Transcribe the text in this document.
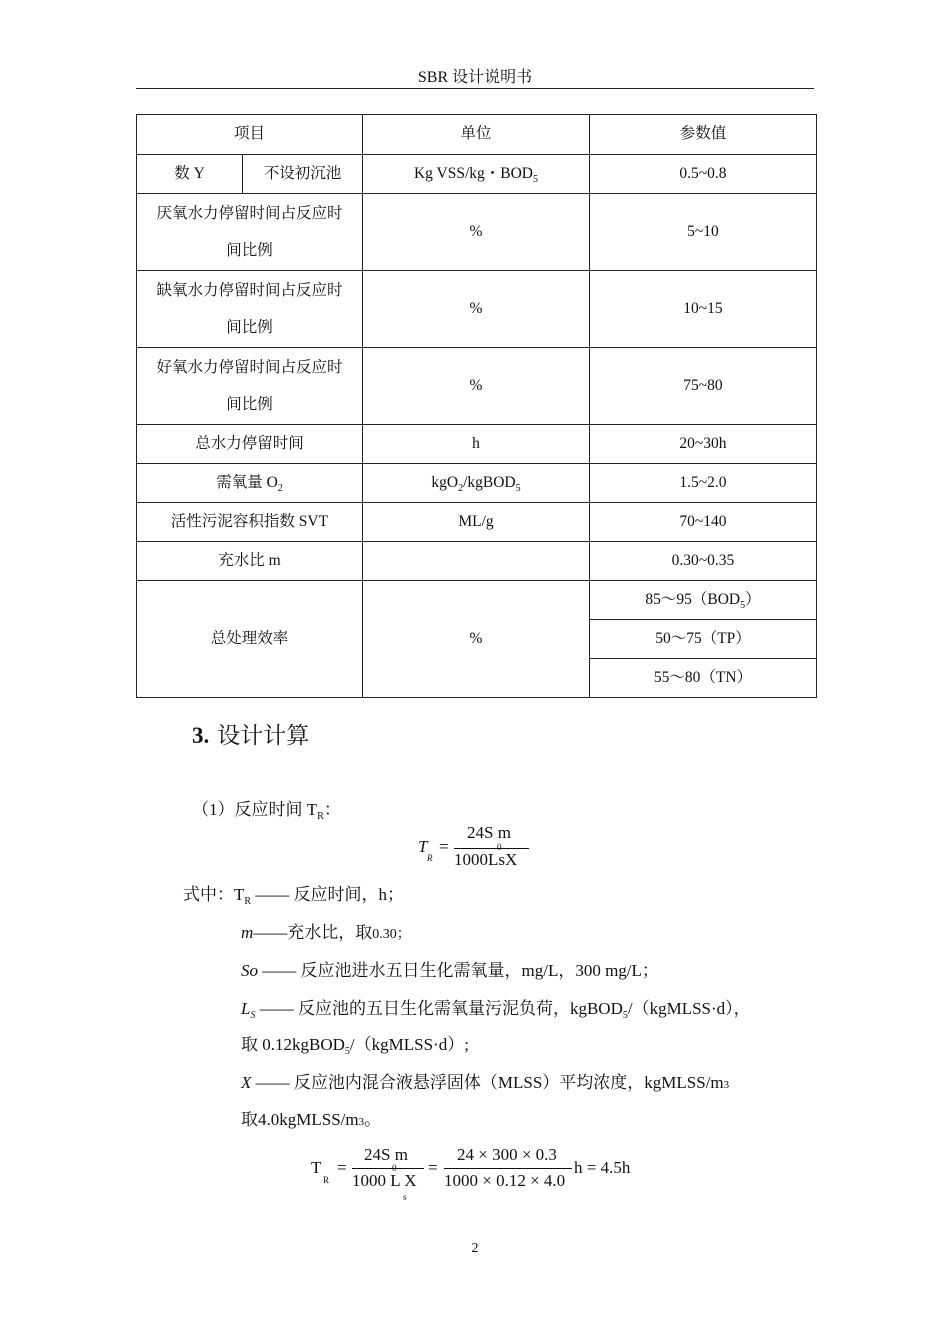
SBR 设计说明书
项目		单位	参数值
数 Y	不设初沉池	Kg VSS/kg・$BOD_5$	0.5~0.8
厌氧水力停留时间占反应时
间比例		%	5~10
缺氧水力停留时间占反应时
间比例		%	10~15
好氧水力停留时间占反应时
间比例		%	75~80
总水力停留时间		h	20~30h
需氧量 $O_2$		kgO$_2$/kgBOD$_5$	1.5~2.0
活性污泥容积指数 SVT		ML/g	70~140
充水比 m			0.30~0.35
总处理效率		%	$85\sim 95(BOD_5)$
			50～75（TP）
			55～80（TN）
3. 设计计算
（1）反应时间 $T_R$：
T
R
=
24S m
0
1000LsX
式中：$T_R$ —— 反应时间，h；
m——充水比，取0.30；
So —— 反应池进水五日生化需氧量，mg/L，300 mg/L；
$L_S$ —— 反应池的五日生化需氧量污泥负荷，kgBOD$_5$/（kgMLSS·d），
取 0.12kgBOD$_5$/（kgMLSS·d）;
X —— 反应池内混合液悬浮固体（MLSS）平均浓度，kgMLSS/m3
取4.0kgMLSS/m3。
T
R
=
24S m
0
1000 L X
s
=
24 × 300 × 0.3
1000 × 0.12 × 4.0
h = 4.5h
2
